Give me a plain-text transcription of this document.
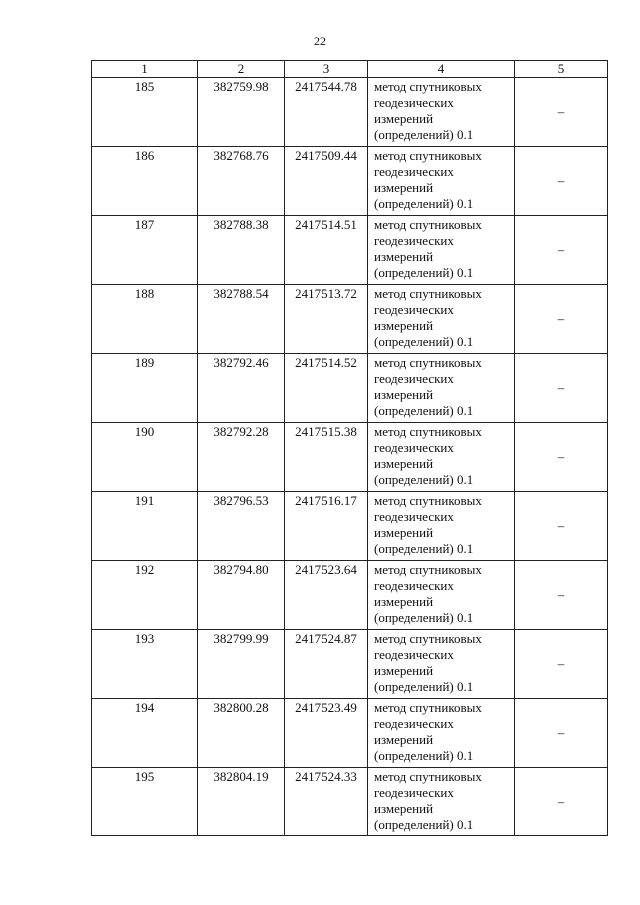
22
1	2	3	4	5
185	382759.98	2417544.78	метод спутниковых
геодезических
измерений
(определений) 0.1	–
186	382768.76	2417509.44	метод спутниковых
геодезических
измерений
(определений) 0.1	–
187	382788.38	2417514.51	метод спутниковых
геодезических
измерений
(определений) 0.1	–
188	382788.54	2417513.72	метод спутниковых
геодезических
измерений
(определений) 0.1	–
189	382792.46	2417514.52	метод спутниковых
геодезических
измерений
(определений) 0.1	–
190	382792.28	2417515.38	метод спутниковых
геодезических
измерений
(определений) 0.1	–
191	382796.53	2417516.17	метод спутниковых
геодезических
измерений
(определений) 0.1	–
192	382794.80	2417523.64	метод спутниковых
геодезических
измерений
(определений) 0.1	–
193	382799.99	2417524.87	метод спутниковых
геодезических
измерений
(определений) 0.1	–
194	382800.28	2417523.49	метод спутниковых
геодезических
измерений
(определений) 0.1	–
195	382804.19	2417524.33	метод спутниковых
геодезических
измерений
(определений) 0.1	–
